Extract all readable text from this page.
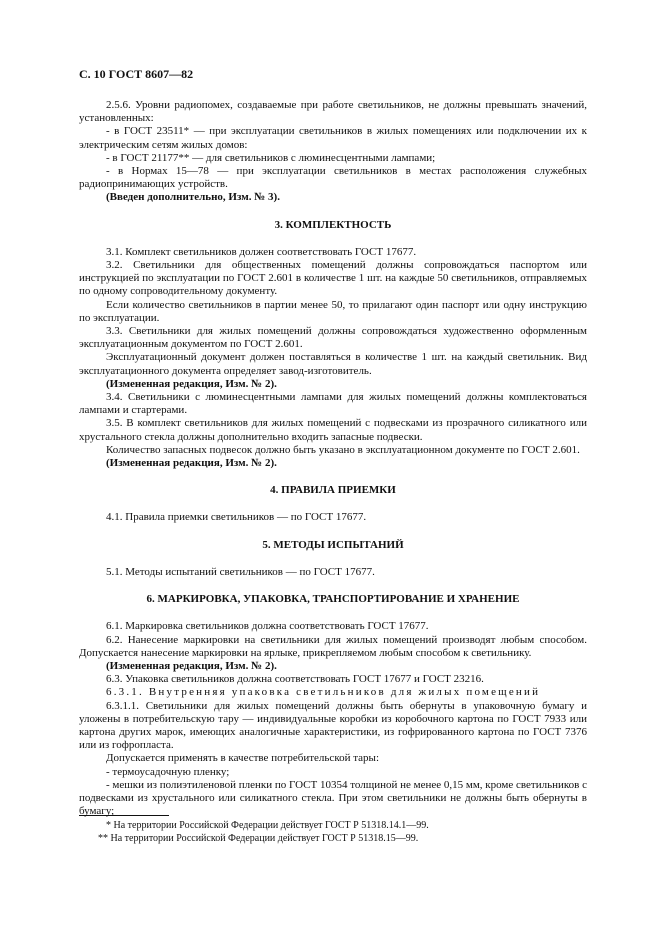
С. 10 ГОСТ 8607—82
2.5.6. Уровни радиопомех, создаваемые при работе светильников, не должны превышать значений, установленных:
- в ГОСТ 23511* — при эксплуатации светильников в жилых помещениях или подключении их к электрическим сетям жилых домов:
- в ГОСТ 21177** — для светильников с люминесцентными лампами;
- в Нормах 15—78 — при эксплуатации светильников в местах расположения служебных радиопринимающих устройств.
(Введен дополнительно, Изм. № 3).
3. КОМПЛЕКТНОСТЬ
3.1. Комплект светильников должен соответствовать ГОСТ 17677.
3.2. Светильники для общественных помещений должны сопровождаться паспортом или инструкцией по эксплуатации по ГОСТ 2.601 в количестве 1 шт. на каждые 50 светильников, отправляемых по одному сопроводительному документу.
Если количество светильников в партии менее 50, то прилагают один паспорт или одну инструкцию по эксплуатации.
3.3. Светильники для жилых помещений должны сопровождаться художественно оформленным эксплуатационным документом по ГОСТ 2.601.
Эксплуатационный документ должен поставляться в количестве 1 шт. на каждый светильник. Вид эксплуатационного документа определяет завод-изготовитель.
(Измененная редакция, Изм. № 2).
3.4. Светильники с люминесцентными лампами для жилых помещений должны комплектоваться лампами и стартерами.
3.5. В комплект светильников для жилых помещений с подвесками из прозрачного силикатного или хрустального стекла должны дополнительно входить запасные подвески.
Количество запасных подвесок должно быть указано в эксплуатационном документе по ГОСТ 2.601.
(Измененная редакция, Изм. № 2).
4. ПРАВИЛА ПРИЕМКИ
4.1. Правила приемки светильников — по ГОСТ 17677.
5. МЕТОДЫ ИСПЫТАНИЙ
5.1. Методы испытаний светильников — по ГОСТ 17677.
6. МАРКИРОВКА, УПАКОВКА, ТРАНСПОРТИРОВАНИЕ И ХРАНЕНИЕ
6.1. Маркировка светильников должна соответствовать ГОСТ 17677.
6.2. Нанесение маркировки на светильники для жилых помещений производят любым способом. Допускается нанесение маркировки на ярлыке, прикрепляемом любым способом к светильнику.
(Измененная редакция, Изм. № 2).
6.3. Упаковка светильников должна соответствовать ГОСТ 17677 и ГОСТ 23216.
6.3.1. Внутренняя упаковка светильников для жилых помещений
6.3.1.1. Светильники для жилых помещений должны быть обернуты в упаковочную бумагу и уложены в потребительскую тару — индивидуальные коробки из коробочного картона по ГОСТ 7933 или картона других марок, имеющих аналогичные характеристики, из гофрированного картона по ГОСТ 7376 или из гофропласта.
Допускается применять в качестве потребительской тары:
- термоусадочную пленку;
- мешки из полиэтиленовой пленки по ГОСТ 10354 толщиной не менее 0,15 мм, кроме светильников с подвесками из хрустального или силикатного стекла. При этом светильники не должны быть обернуты в бумагу;
* На территории Российской Федерации действует ГОСТ Р 51318.14.1—99.
** На территории Российской Федерации действует ГОСТ Р 51318.15—99.
